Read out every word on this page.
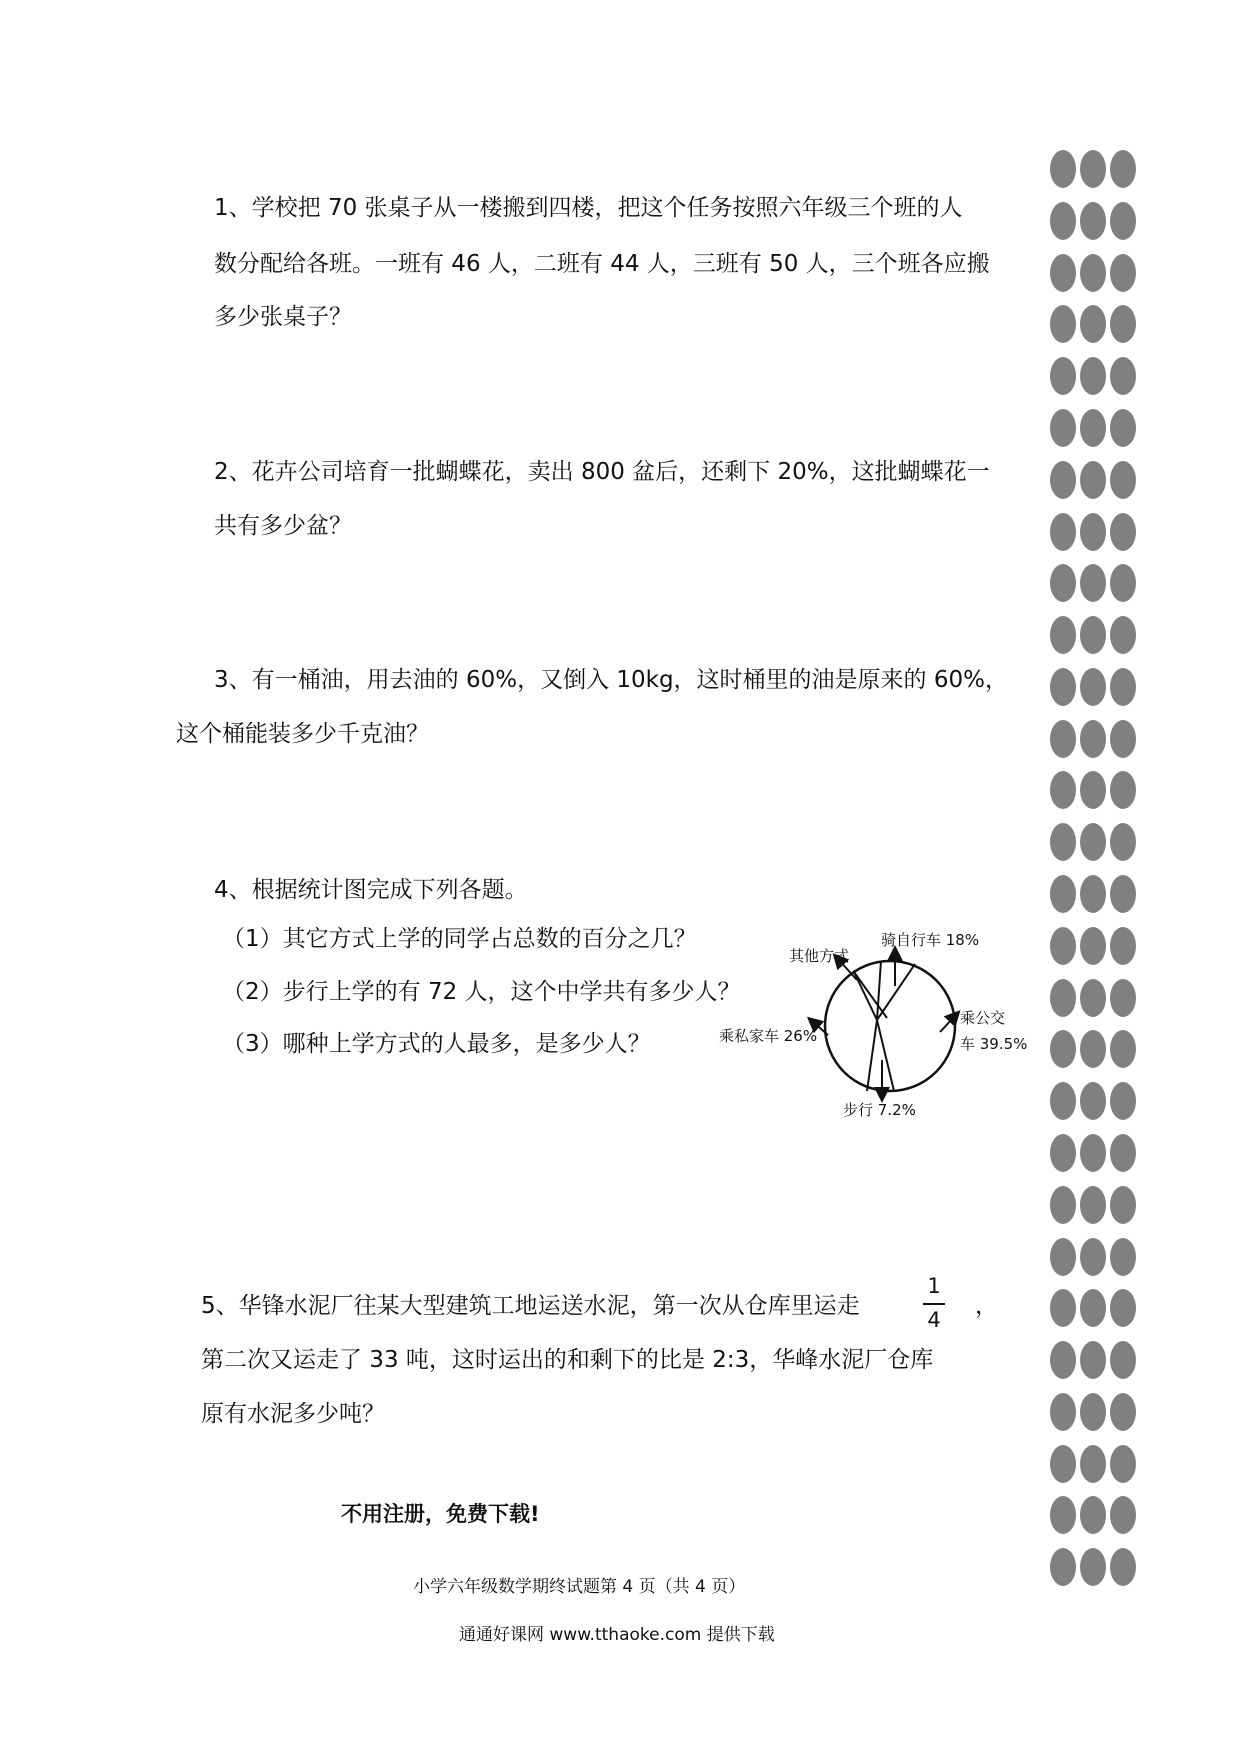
1、学校把 70 张桌子从一楼搬到四楼，把这个任务按照六年级三个班的人
数分配给各班。一班有 46 人，二班有 44 人，三班有 50 人，三个班各应搬
多少张桌子？
2、花卉公司培育一批蝴蝶花，卖出 800 盆后，还剩下 20%，这批蝴蝶花一
共有多少盆？
3、有一桶油，用去油的 60%，又倒入 10kg，这时桶里的油是原来的 60%，
这个桶能装多少千克油？
4、根据统计图完成下列各题。
（1）其它方式上学的同学占总数的百分之几？
（2）步行上学的有 72 人，这个中学共有多少人？
（3）哪种上学方式的人最多，是多少人？
骑自行车 18%
其他方式
乘公交
车 39.5%
乘私家车 26%
步行 7.2%
5、华锋水泥厂往某大型建筑工地运送水泥，第一次从仓库里运走
1
4
，
第二次又运走了 33 吨，这时运出的和剩下的比是 2:3，华峰水泥厂仓库
原有水泥多少吨？
不用注册，免费下载!
小学六年级数学期终试题第 4 页（共 4 页）
通通好课网 www.tthaoke.com 提供下载
